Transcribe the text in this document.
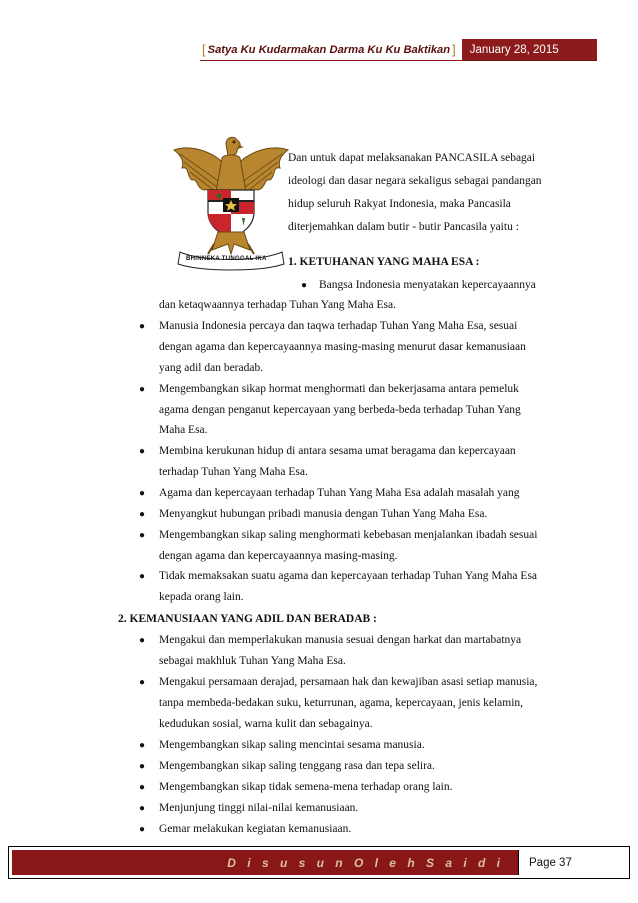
[ Satya Ku Kudarmakan Darma Ku Ku Baktikan ]	January 28, 2015
BHINNEKA TUNGGAL IKA
Dan untuk dapat melaksanakan PANCASILA sebagai
ideologi dan dasar negara sekaligus sebagai pandangan
hidup seluruh Rakyat Indonesia, maka Pancasila
diterjemahkan dalam butir - butir Pancasila yaitu :
1. KETUHANAN YANG MAHA ESA :
● Bangsa Indonesia menyatakan kepercayaannya
dan ketaqwaannya terhadap Tuhan Yang Maha Esa.
● Manusia Indonesia percaya dan taqwa terhadap Tuhan Yang Maha Esa, sesuai
dengan agama dan kepercayaannya masing-masing menurut dasar kemanusiaan
yang adil dan beradab.
● Mengembangkan sikap hormat menghormati dan bekerjasama antara pemeluk
agama dengan penganut kepercayaan yang berbeda-beda terhadap Tuhan Yang
Maha Esa.
● Membina kerukunan hidup di antara sesama umat beragama dan kepercayaan
terhadap Tuhan Yang Maha Esa.
● Agama dan kepercayaan terhadap Tuhan Yang Maha Esa adalah masalah yang
● Menyangkut hubungan pribadi manusia dengan Tuhan Yang Maha Esa.
● Mengembangkan sikap saling menghormati kebebasan menjalankan ibadah sesuai
dengan agama dan kepercayaannya masing-masing.
● Tidak memaksakan suatu agama dan kepercayaan terhadap Tuhan Yang Maha Esa
kepada orang lain.
2. KEMANUSIAAN YANG ADIL DAN BERADAB :
● Mengakui dan memperlakukan manusia sesuai dengan harkat dan martabatnya
sebagai makhluk Tuhan Yang Maha Esa.
● Mengakui persamaan derajad, persamaan hak dan kewajiban asasi setiap manusia,
tanpa membeda-bedakan suku, keturrunan, agama, kepercayaan, jenis kelamin,
kedudukan sosial, warna kulit dan sebagainya.
● Mengembangkan sikap saling mencintai sesama manusia.
● Mengembangkan sikap saling tenggang rasa dan tepa selira.
● Mengembangkan sikap tidak semena-mena terhadap orang lain.
● Menjunjung tinggi nilai-nilai kemanusiaan.
● Gemar melakukan kegiatan kemanusiaan.
D i s u s u n O l e h S a i d i	Page 37
